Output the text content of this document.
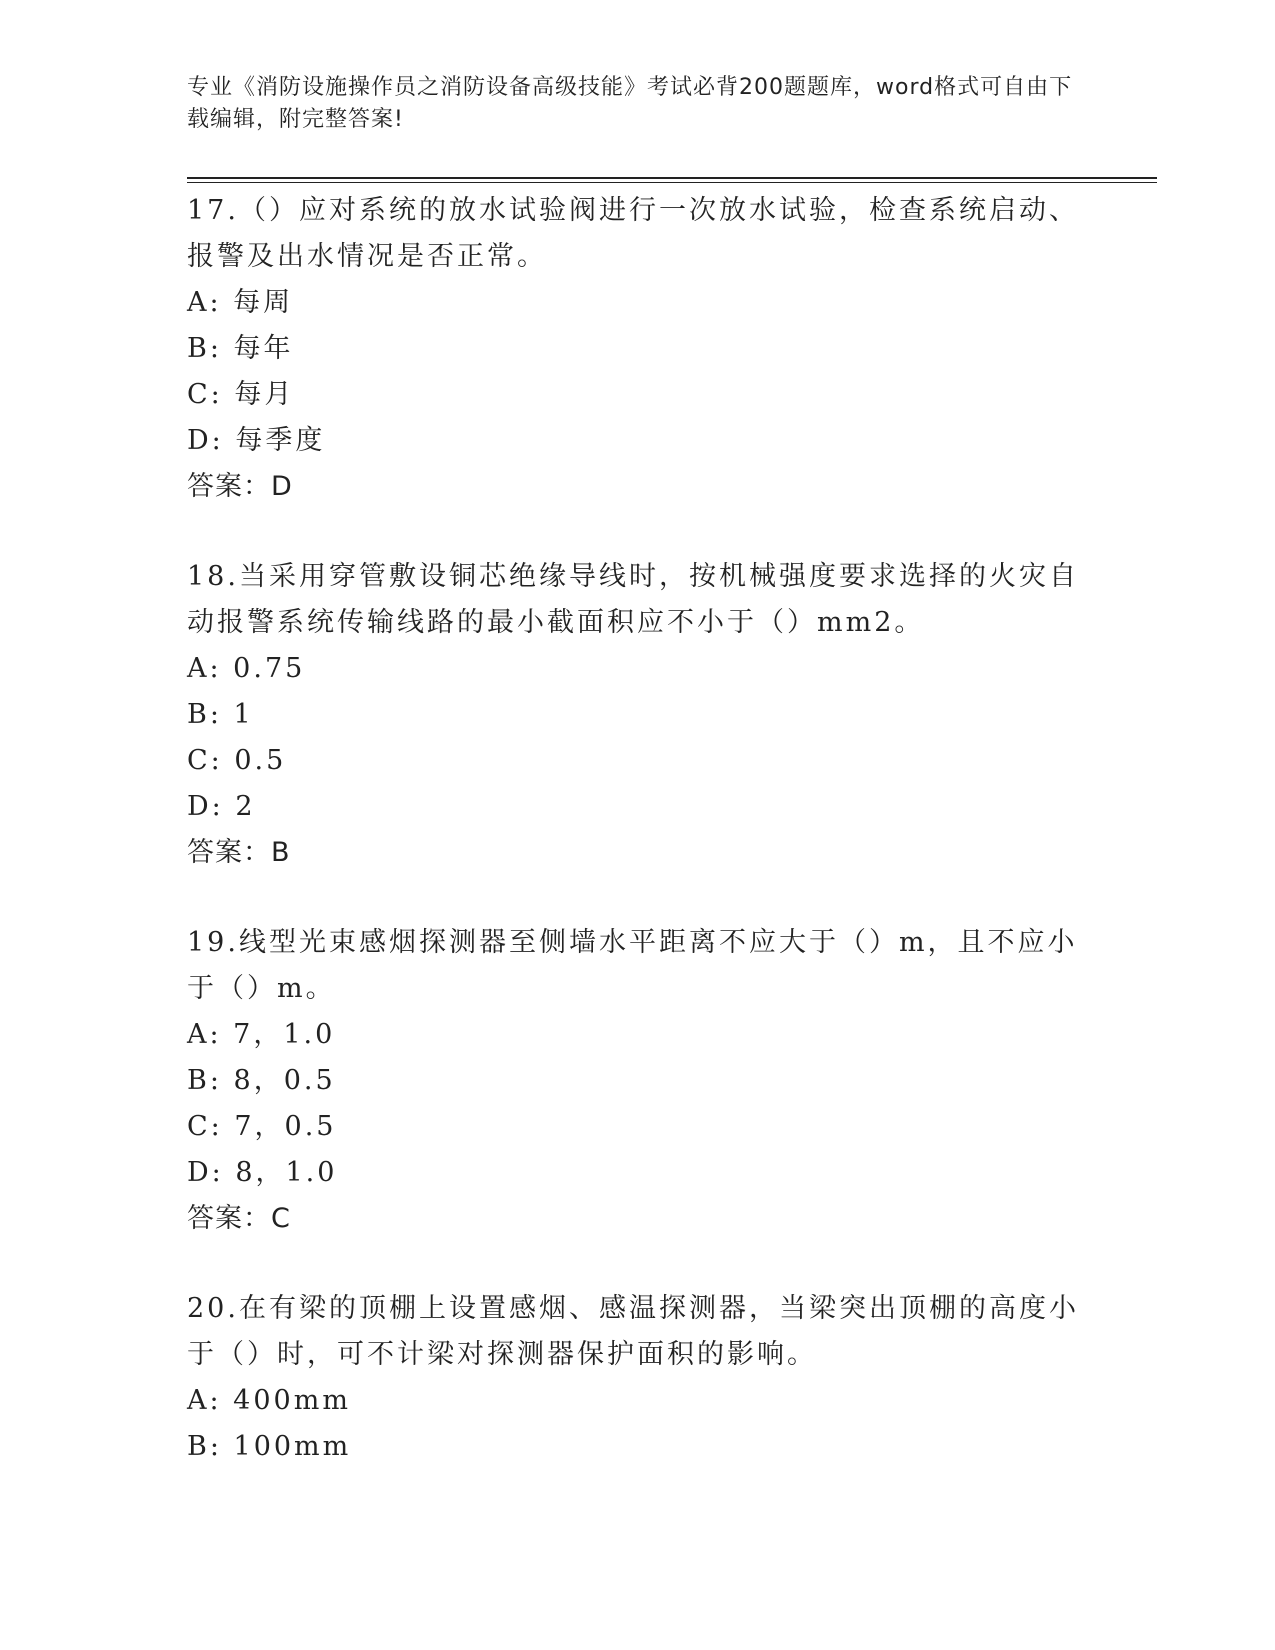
专业《消防设施操作员之消防设备高级技能》考试必背200题题库，word格式可自由下载编辑，附完整答案!

17.（）应对系统的放水试验阀进行一次放水试验，检查系统启动、报警及出水情况是否正常。

A: 每周
B: 每年
C: 每月
D: 每季度

答案：D

18.当采用穿管敷设铜芯绝缘导线时，按机械强度要求选择的火灾自动报警系统传输线路的最小截面积应不小于（）mm2。

A: 0.75
B: 1
C: 0.5
D: 2

答案：B

19.线型光束感烟探测器至侧墙水平距离不应大于（）m，且不应小于（）m。

A: 7，1.0
B: 8，0.5
C: 7，0.5
D: 8，1.0

答案：C

20.在有梁的顶棚上设置感烟、感温探测器，当梁突出顶棚的高度小于（）时，可不计梁对探测器保护面积的影响。

A: 400mm
B: 100mm
